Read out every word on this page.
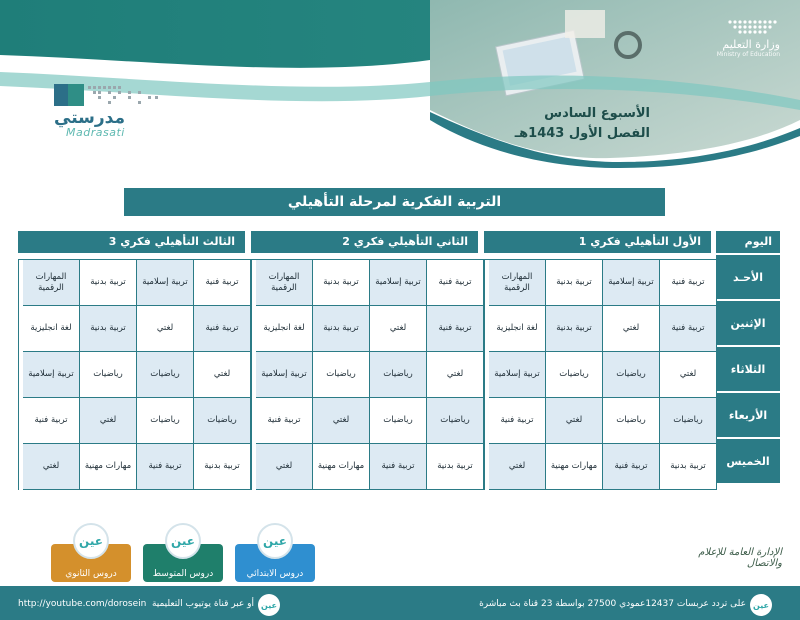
وزارة التعليم
Ministry of Education
مدرستي
Madrasati
الأسبوع السادس
الفصل الأول 1443هـ
التربية الفكرية لمرحلة التأهيلي
اليوم
الأحـد
الإثنين
الثلاثاء
الأربعاء
الخميس
الأول التأهيلي فكري 1
تربية فنية
تربية إسلامية
تربية بدنية
المهارات الرقمية
تربية فنية
لغتي
تربية بدنية
لغة انجليزية
لغتي
رياضيات
رياضيات
تربية إسلامية
رياضيات
رياضيات
لغتي
تربية فنية
تربية بدنية
تربية فنية
مهارات مهنية
لغتي
الثاني التأهيلي فكري 2
تربية فنية
تربية إسلامية
تربية بدنية
المهارات الرقمية
تربية فنية
لغتي
تربية بدنية
لغة انجليزية
لغتي
رياضيات
رياضيات
تربية إسلامية
رياضيات
رياضيات
لغتي
تربية فنية
تربية بدنية
تربية فنية
مهارات مهنية
لغتي
الثالث التأهيلي فكري 3
تربية فنية
تربية إسلامية
تربية بدنية
المهارات الرقمية
تربية فنية
لغتي
تربية بدنية
لغة انجليزية
لغتي
رياضيات
رياضيات
تربية إسلامية
رياضيات
رياضيات
لغتي
تربية فنية
تربية بدنية
تربية فنية
مهارات مهنية
لغتي
دروس الابتدائي
عين
دروس المتوسط
عين
دروس الثانوي
عين
الإدارة العامة للإعلام والاتصال
عين
على تردد عربسات 12437عمودي 27500 بواسطة 23 قناة بث مباشرة
عين
أو عبر قناة يوتيوب التعليمية
http://youtube.com/dorosein
